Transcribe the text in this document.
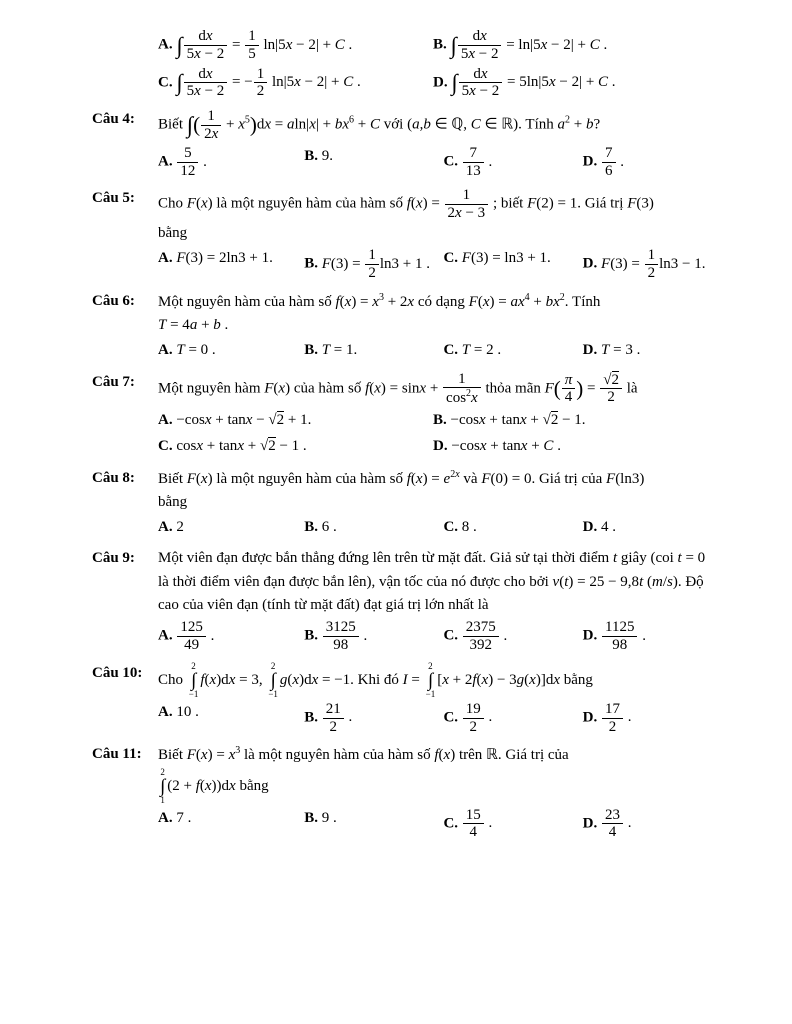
A. ∫ $\frac{dx}{5x - 2} = \frac{1}{5} \ln|5x - 2| + C$ .	B. ∫ $\frac{dx}{5x - 2} = \ln|5x - 2| + C$ .
C. ∫ $\frac{dx}{5x - 2}$ = − $\frac{1}{2} \ln|5x - 2| + C$ .	D. ∫ $\frac{dx}{5x - 2} = 5\ln|5x - 2| + C$ .
Câu 4:	Biết ∫( $\frac{1}{2x} + x^5)dx = aln|x| + bx^6 + C$ với (a,b ∈ ℚ, C ∈ ℝ). Tính $a^2 + b$?
A. $\frac{5}{12}$ .	B. 9.	C. $\frac{7}{13}$ .	D. $\frac{7}{6}$ .
Câu 5:	Cho F(x) là một nguyên hàm của hàm số $f(x) = \frac{1}{2x - 3}$ ; biết F(2) = 1. Giá trị F(3)
bằng
A. F(3) = 2ln3 + 1.	B. $F(3) = \frac{1}{2} \ln 3 + 1$ . C. F(3) = ln3 + 1.	D. $F(3) = \frac{1}{2} \ln 3 - 1$.
Câu 6:	Một nguyên hàm của hàm số $f(x) = x^3 + 2x$ có dạng $F(x) = ax^4 + bx^2$. Tính
T = 4a + b .
A. T = 0 .	B. T = 1.	C. T = 2 .	D. T = 3 .
Câu 7:	Một nguyên hàm F(x) của hàm số $f(x) = \sin x + \frac{1}{\cos^2x}$ thỏa mãn $F( \frac{\pi}{4}$ ) = $\frac{√2}{2}$ là
A. −cosx + tanx − √2 + 1.	B. −cosx + tanx + √2 − 1.
C. cosx + tanx + √2 − 1 .	D. −cosx + tanx + C .
Câu 8:	Biết F(x) là một nguyên hàm của hàm số $f(x) = e^{2x}$ và F(0) = 0. Giá trị của F(ln3)
bằng
A. 2	B. 6 .	C. 8 .	D. 4 .
Câu 9:	Một viên đạn được bắn thẳng đứng lên trên từ mặt đất. Giả sử tại thời điểm t giây (coi t = 0 là thời điểm viên đạn được bắn lên), vận tốc của nó được cho bởi v(t) = 25 − 9,8t (m/s). Độ cao của viên đạn (tính từ mặt đất) đạt giá trị lớn nhất là
A. $\frac{125}{49}$ .	B. $\frac{3125}{98}$ .	C. $\frac{2375}{392}$ .	D. $\frac{1125}{98}$ .
Câu 10:	Cho
2
∫
−1
f(x)dx = 3,
2
∫
−1
g(x)dx = −1. Khi đó I =
2
∫
−1
[x + 2f(x) − 3g(x)]dx bằng
A. 10 .	B. $\frac{21}{2}$ .	C. $\frac{19}{2}$ .	D. $\frac{17}{2}$ .
Câu 11:	Biết $F(x) = x^3$ là một nguyên hàm của hàm số f(x) trên ℝ. Giá trị của

2
∫
1
(2 + f(x))dx bằng
A. 7 .	B. 9 .	C. $\frac{15}{4}$ .	D. $\frac{23}{4}$ .
